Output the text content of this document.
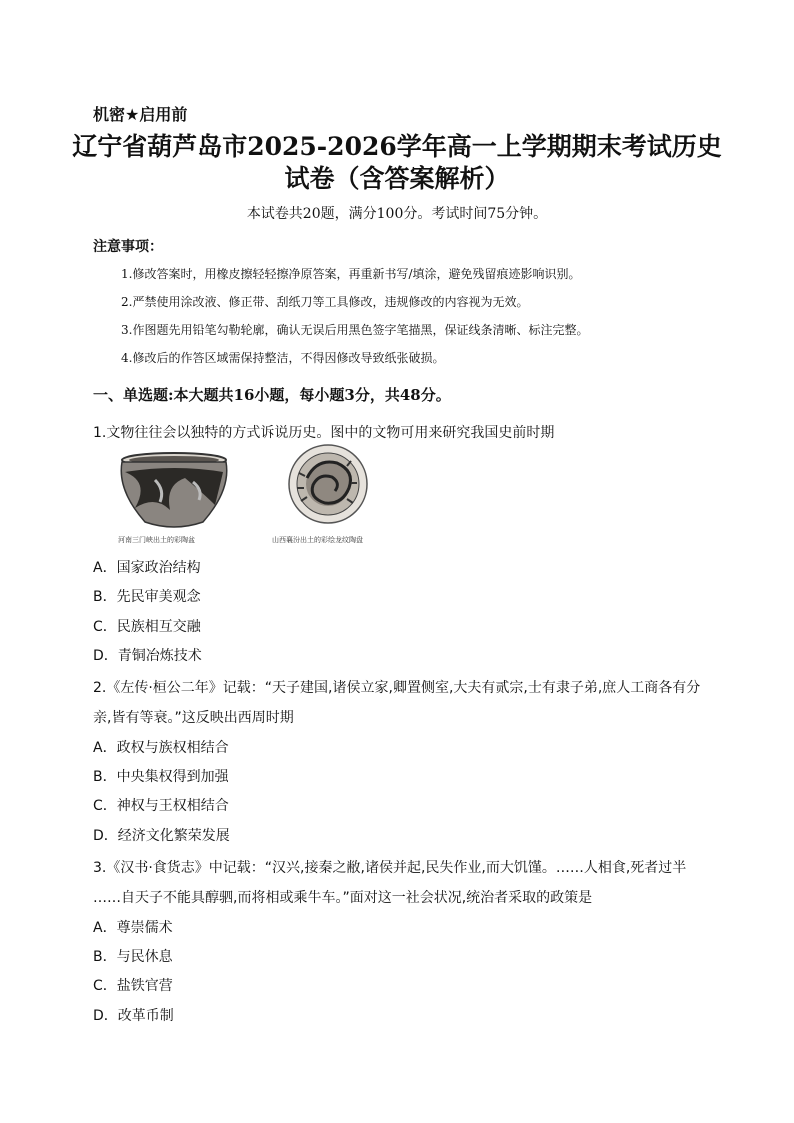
机密★启用前
辽宁省葫芦岛市2025-2026学年高一上学期期末考试历史
试卷（含答案解析）
本试卷共20题，满分100分。考试时间75分钟。
注意事项：
1.修改答案时，用橡皮擦轻轻擦净原答案，再重新书写/填涂，避免残留痕迹影响识别。
2.严禁使用涂改液、修正带、刮纸刀等工具修改，违规修改的内容视为无效。
3.作图题先用铅笔勾勒轮廓，确认无误后用黑色签字笔描黑，保证线条清晰、标注完整。
4.修改后的作答区域需保持整洁，不得因修改导致纸张破损。
一、单选题:本大题共16小题，每小题3分，共48分。
1.文物往往会以独特的方式诉说历史。图中的文物可用来研究我国史前时期
河南三门峡出土的彩陶盆	山西襄汾出土的彩绘龙纹陶盘
A．国家政治结构
B．先民审美观念
C．民族相互交融
D．青铜冶炼技术
2.《左传·桓公二年》记载：“天子建国,诸侯立家,卿置侧室,大夫有贰宗,士有隶子弟,庶人工商各有分
亲,皆有等衰。”这反映出西周时期
A．政权与族权相结合
B．中央集权得到加强
C．神权与王权相结合
D．经济文化繁荣发展
3.《汉书·食货志》中记载：“汉兴,接秦之敝,诸侯并起,民失作业,而大饥馑。……人相食,死者过半
……自天子不能具醇驷,而将相或乘牛车。”面对这一社会状况,统治者采取的政策是
A．尊崇儒术
B．与民休息
C．盐铁官营
D．改革币制
